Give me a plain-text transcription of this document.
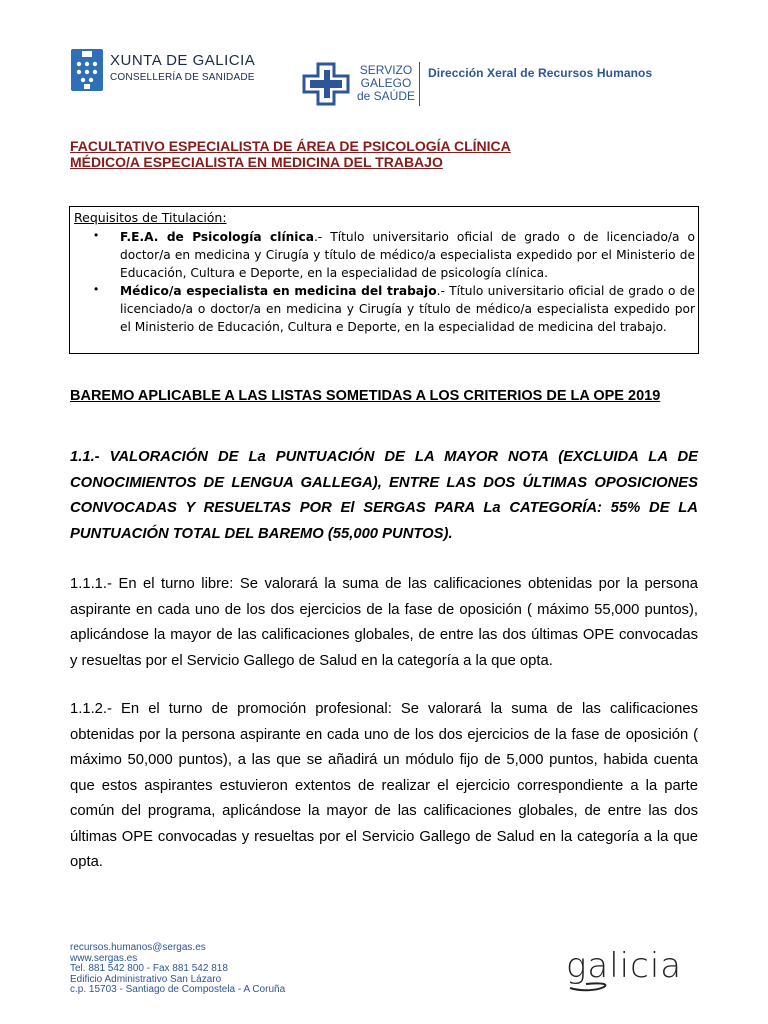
XUNTA DE GALICIA
CONSELLERÍA DE SANIDADE
SERVIZO
GALEGO
de SAÚDE
Dirección Xeral de Recursos Humanos
FACULTATIVO ESPECIALISTA DE ÁREA DE PSICOLOGÍA CLÍNICA
MÉDICO/A ESPECIALISTA EN MEDICINA DEL TRABAJO
Requisitos de Titulación:
• F.E.A. de Psicología clínica.- Título universitario oficial de grado o de licenciado/a o doctor/a en medicina y Cirugía y título de médico/a especialista expedido por el Ministerio de Educación, Cultura e Deporte, en la especialidad de psicología clínica.
• Médico/a especialista en medicina del trabajo.- Título universitario oficial de grado o de licenciado/a o doctor/a en medicina y Cirugía y título de médico/a especialista expedido por el Ministerio de Educación, Cultura e Deporte, en la especialidad de medicina del trabajo.
BAREMO APLICABLE A LAS LISTAS SOMETIDAS A LOS CRITERIOS DE LA OPE 2019
1.1.- VALORACIÓN DE La PUNTUACIÓN DE LA MAYOR NOTA (EXCLUIDA LA DE CONOCIMIENTOS DE LENGUA GALLEGA), ENTRE LAS DOS ÚLTIMAS OPOSICIONES CONVOCADAS Y RESUELTAS POR El SERGAS PARA La CATEGORÍA: 55% DE LA PUNTUACIÓN TOTAL DEL BAREMO (55,000 PUNTOS).
1.1.1.- En el turno libre: Se valorará la suma de las calificaciones obtenidas por la persona aspirante en cada uno de los dos ejercicios de la fase de oposición ( máximo 55,000 puntos), aplicándose la mayor de las calificaciones globales, de entre las dos últimas OPE convocadas y resueltas por el Servicio Gallego de Salud en la categoría a la que opta.
1.1.2.- En el turno de promoción profesional: Se valorará la suma de las calificaciones obtenidas por la persona aspirante en cada uno de los dos ejercicios de la fase de oposición ( máximo 50,000 puntos), a las que se añadirá un módulo fijo de 5,000 puntos, habida cuenta que estos aspirantes estuvieron extentos de realizar el ejercicio correspondiente a la parte común del programa, aplicándose la mayor de las calificaciones globales, de entre las dos últimas OPE convocadas y resueltas por el Servicio Gallego de Salud en la categoría a la que opta.
recursos.humanos@sergas.es
www.sergas.es
Tel. 881 542 800 - Fax 881 542 818
Edificio Administrativo San Lázaro
c.p. 15703 - Santiago de Compostela - A Coruña
galicia
